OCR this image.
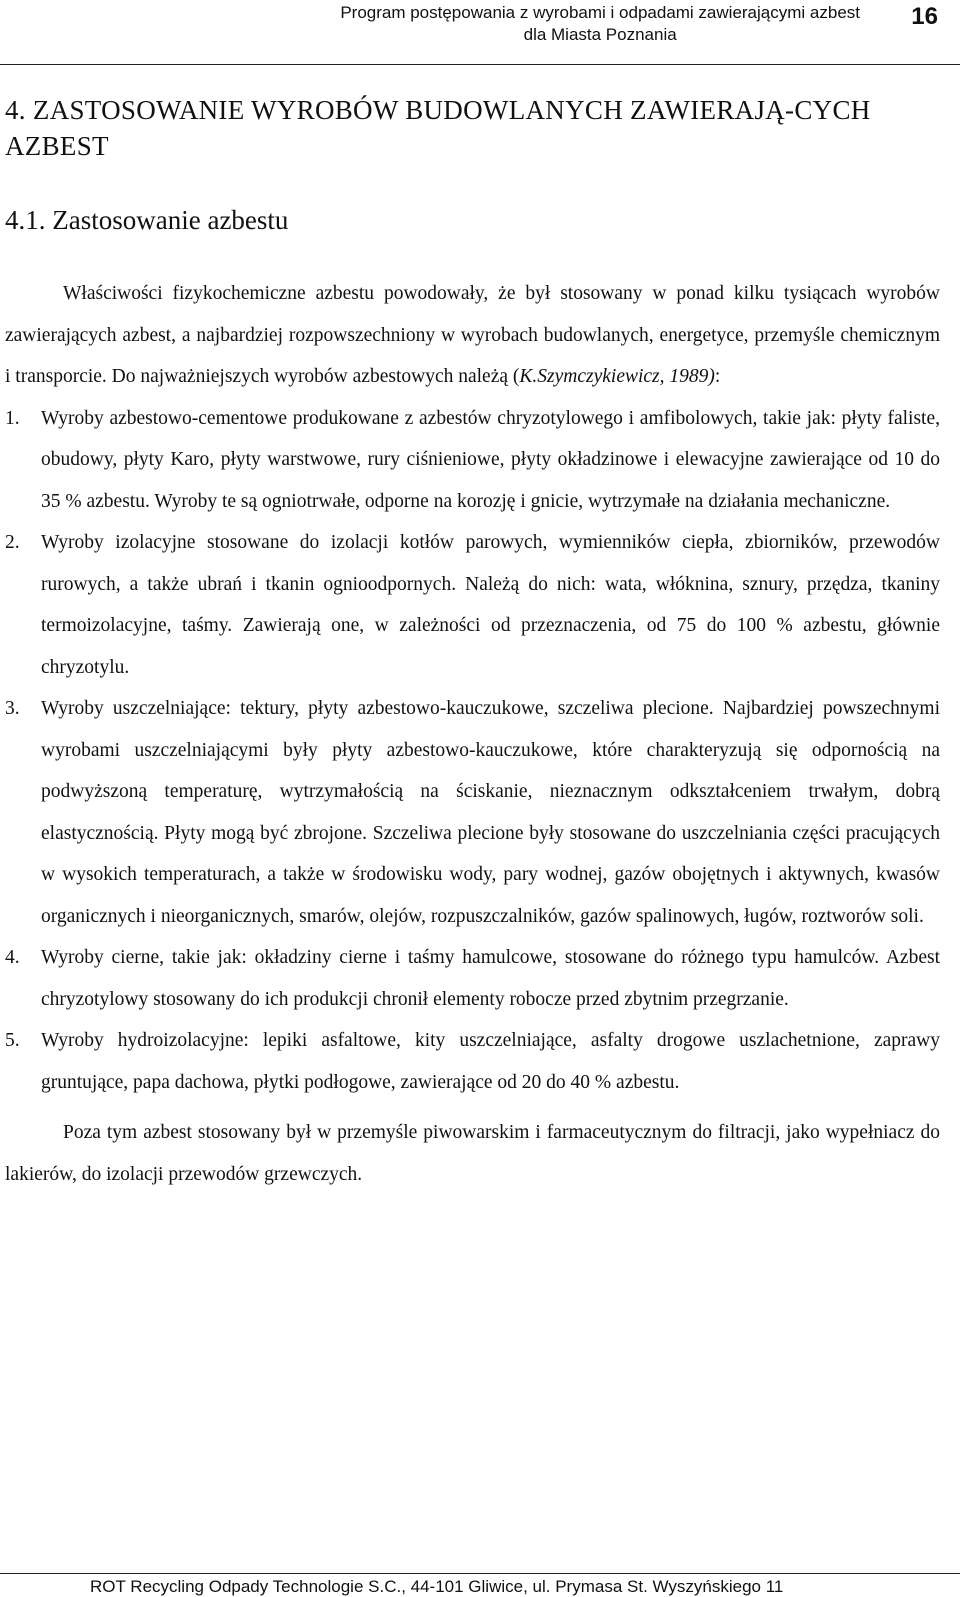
Program postępowania z wyrobami i odpadami zawierającymi azbest
dla Miasta Poznania
16
4. ZASTOSOWANIE WYROBÓW BUDOWLANYCH ZAWIERAJĄ-CYCH AZBEST
4.1. Zastosowanie azbestu

Właściwości fizykochemiczne azbestu powodowały, że był stosowany w ponad kilku tysiącach wyrobów zawierających azbest, a najbardziej rozpowszechniony w wyrobach budowlanych, energetyce, przemyśle chemicznym i transporcie. Do najważniejszych wyrobów azbestowych należą (K.Szymczykiewicz, 1989):

1. Wyroby azbestowo-cementowe produkowane z azbestów chryzotylowego i amfibolowych, takie jak: płyty faliste, obudowy, płyty Karo, płyty warstwowe, rury ciśnieniowe, płyty okładzinowe i elewacyjne zawierające od 10 do 35 % azbestu. Wyroby te są ogniotrwałe, odporne na korozję i gnicie, wytrzymałe na działania mechaniczne.
2. Wyroby izolacyjne stosowane do izolacji kotłów parowych, wymienników ciepła, zbiorników, przewodów rurowych, a także ubrań i tkanin ognioodpornych. Należą do nich: wata, włóknina, sznury, przędza, tkaniny termoizolacyjne, taśmy. Zawierają one, w zależności od przeznaczenia, od 75 do 100 % azbestu, głównie chryzotylu.
3. Wyroby uszczelniające: tektury, płyty azbestowo-kauczukowe, szczeliwa plecione. Najbardziej powszechnymi wyrobami uszczelniającymi były płyty azbestowo-kauczukowe, które charakteryzują się odpornością na podwyższoną temperaturę, wytrzymałością na ściskanie, nieznacznym odkształceniem trwałym, dobrą elastycznością. Płyty mogą być zbrojone. Szczeliwa plecione były stosowane do uszczelniania części pracujących w wysokich temperaturach, a także w środowisku wody, pary wodnej, gazów obojętnych i aktywnych, kwasów organicznych i nieorganicznych, smarów, olejów, rozpuszczalników, gazów spalinowych, ługów, roztworów soli.
4. Wyroby cierne, takie jak: okładziny cierne i taśmy hamulcowe, stosowane do różnego typu hamulców. Azbest chryzotylowy stosowany do ich produkcji chronił elementy robocze przed zbytnim przegrzanie.
5. Wyroby hydroizolacyjne: lepiki asfaltowe, kity uszczelniające, asfalty drogowe uszlachetnione, zaprawy gruntujące, papa dachowa, płytki podłogowe, zawierające od 20 do 40 % azbestu.

Poza tym azbest stosowany był w przemyśle piwowarskim i farmaceutycznym do filtracji, jako wypełniacz do lakierów, do izolacji przewodów grzewczych.

ROT Recycling Odpady Technologie S.C., 44-101 Gliwice, ul. Prymasa St. Wyszyńskiego 11
